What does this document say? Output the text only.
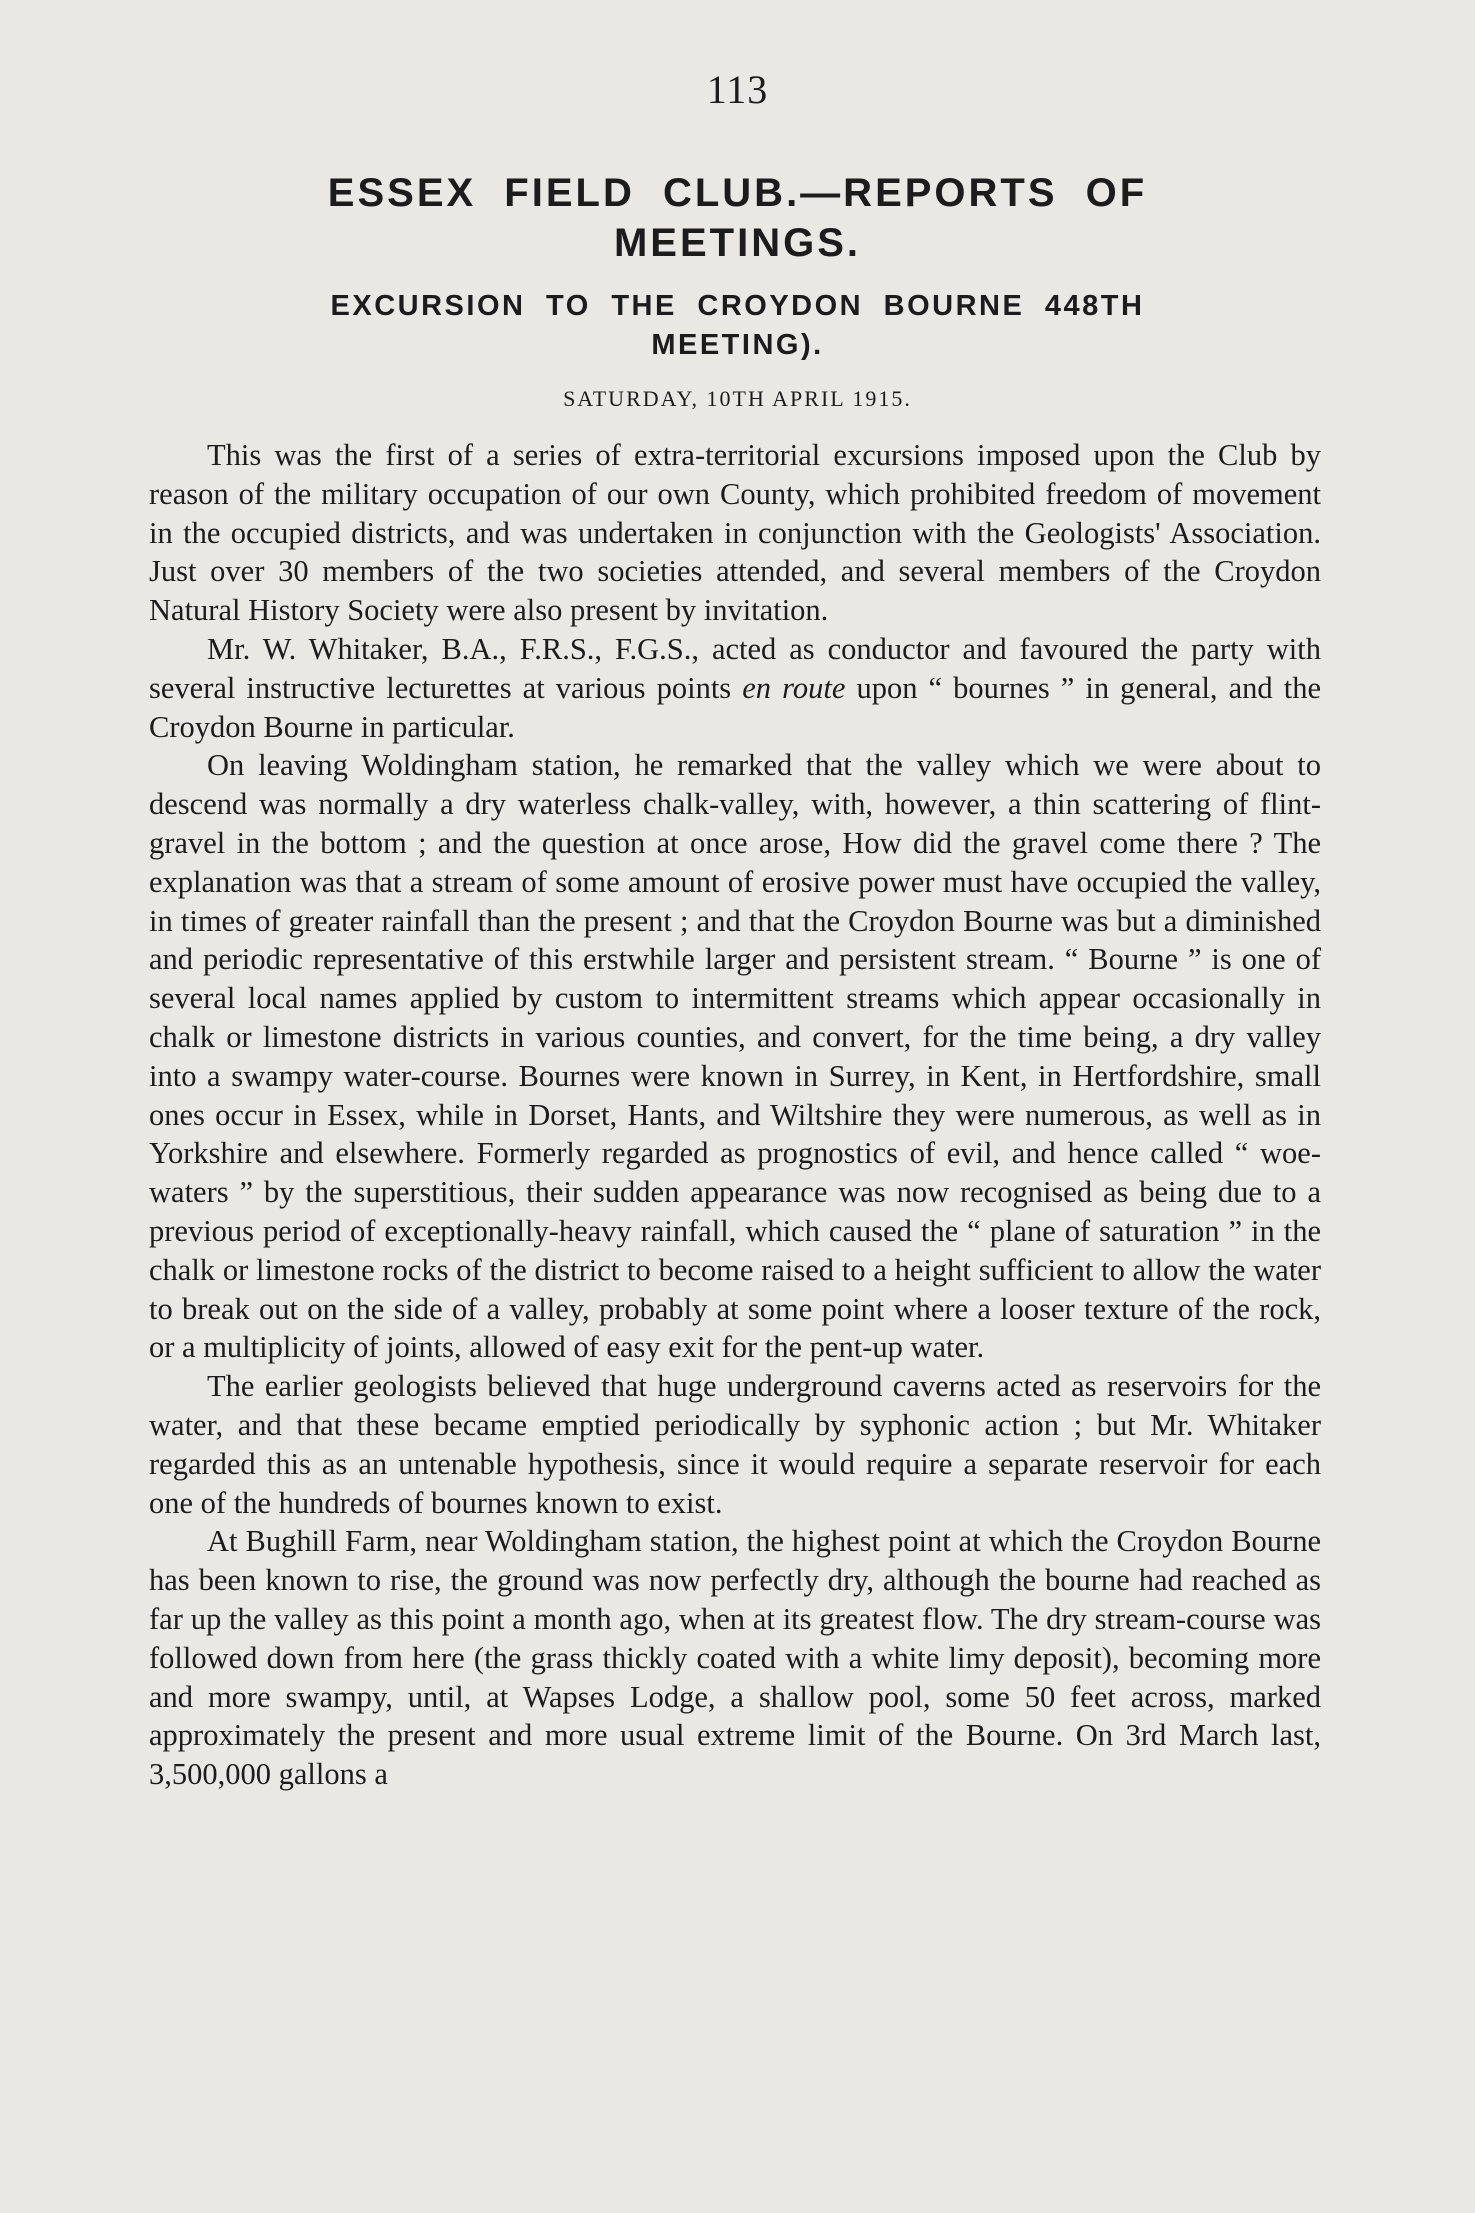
113
ESSEX FIELD CLUB.—REPORTS OF MEETINGS.
EXCURSION TO THE CROYDON BOURNE 448TH MEETING).
SATURDAY, 10TH APRIL 1915.

This was the first of a series of extra-territorial excursions imposed upon the Club by reason of the military occupation of our own County, which prohibited freedom of movement in the occupied districts, and was undertaken in conjunction with the Geologists' Association. Just over 30 members of the two societies attended, and several members of the Croydon Natural History Society were also present by invitation.

Mr. W. Whitaker, B.A., F.R.S., F.G.S., acted as conductor and favoured the party with several instructive lecturettes at various points en route upon “ bournes ” in general, and the Croydon Bourne in particular.

On leaving Woldingham station, he remarked that the valley which we were about to descend was normally a dry waterless chalk-valley, with, however, a thin scattering of flint-gravel in the bottom ; and the question at once arose, How did the gravel come there ? The explanation was that a stream of some amount of erosive power must have occupied the valley, in times of greater rainfall than the present ; and that the Croydon Bourne was but a diminished and periodic representative of this erstwhile larger and persistent stream. “ Bourne ” is one of several local names applied by custom to intermittent streams which appear occasionally in chalk or limestone districts in various counties, and convert, for the time being, a dry valley into a swampy water-course. Bournes were known in Surrey, in Kent, in Hertfordshire, small ones occur in Essex, while in Dorset, Hants, and Wiltshire they were numerous, as well as in Yorkshire and elsewhere. Formerly regarded as prognostics of evil, and hence called “ woe-waters ” by the superstitious, their sudden appearance was now recognised as being due to a previous period of exceptionally-heavy rainfall, which caused the “ plane of saturation ” in the chalk or limestone rocks of the district to become raised to a height sufficient to allow the water to break out on the side of a valley, probably at some point where a looser texture of the rock, or a multiplicity of joints, allowed of easy exit for the pent-up water.

The earlier geologists believed that huge underground caverns acted as reservoirs for the water, and that these became emptied periodically by syphonic action ; but Mr. Whitaker regarded this as an untenable hypothesis, since it would require a separate reservoir for each one of the hundreds of bournes known to exist.

At Bughill Farm, near Woldingham station, the highest point at which the Croydon Bourne has been known to rise, the ground was now perfectly dry, although the bourne had reached as far up the valley as this point a month ago, when at its greatest flow. The dry stream-course was followed down from here (the grass thickly coated with a white limy deposit), becoming more and more swampy, until, at Wapses Lodge, a shallow pool, some 50 feet across, marked approximately the present and more usual extreme limit of the Bourne. On 3rd March last, 3,500,000 gallons a
